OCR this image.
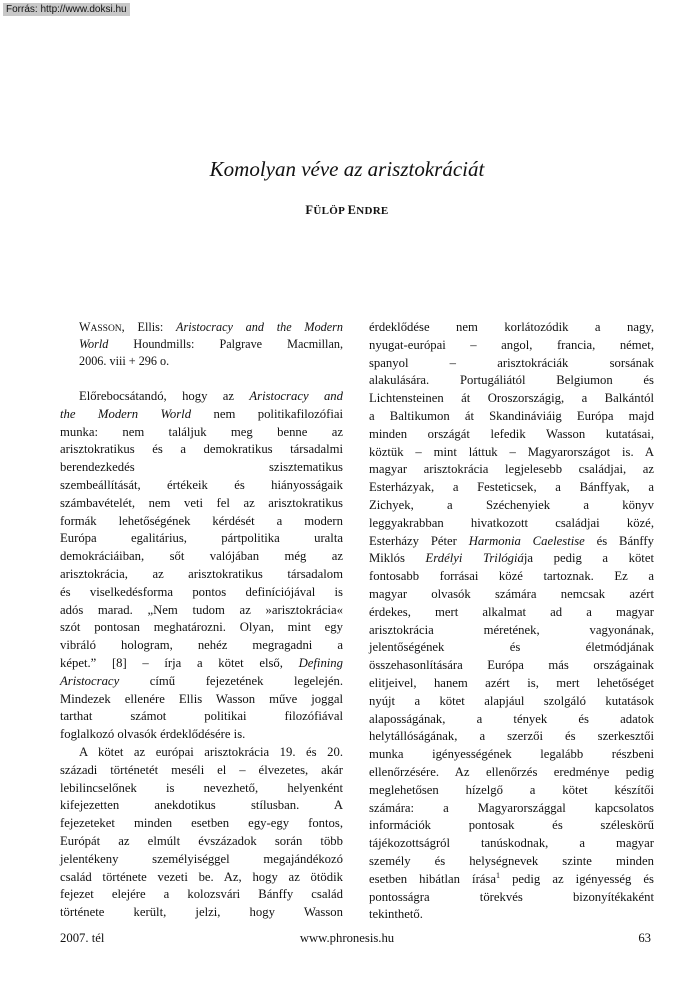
Forrás: http://www.doksi.hu
Komolyan véve az arisztokráciát
FÜLÖP ENDRE
WASSON, Ellis: Aristocracy and the Modern
World Houndmills: Palgrave Macmillan,
2006. viii + 296 o.
Előrebocsátandó, hogy az Aristocracy and
the Modern World nem politikafilozófiai
munka: nem találjuk meg benne az
arisztokratikus és a demokratikus társadalmi
berendezkedés szisztematikus
szembeállítását, értékeik és hiányosságaik
számbavételét, nem veti fel az arisztokratikus
formák lehetőségének kérdését a modern
Európa egalitárius, pártpolitika uralta
demokráciáiban, sőt valójában még az
arisztokrácia, az arisztokratikus társadalom
és viselkedésforma pontos definíciójával is
adós marad. „Nem tudom az »arisztokrácia«
szót pontosan meghatározni. Olyan, mint egy
vibráló hologram, nehéz megragadni a
képet.” [8] – írja a kötet első, Defining
Aristocracy című fejezetének legelején.
Mindezek ellenére Ellis Wasson műve joggal
tarthat számot politikai filozófiával
foglalkozó olvasók érdeklődésére is.
A kötet az európai arisztokrácia 19. és 20.
századi történetét meséli el – élvezetes, akár
lebilincselőnek is nevezhető, helyenként
kifejezetten anekdotikus stílusban. A
fejezeteket minden esetben egy-egy fontos,
Európát az elmúlt évszázadok során több
jelentékeny személyiséggel megajándékozó
család története vezeti be. Az, hogy az ötödik
fejezet elejére a kolozsvári Bánffy család
története került, jelzi, hogy Wasson
érdeklődése nem korlátozódik a nagy,
nyugat-európai – angol, francia, német,
spanyol – arisztokráciák sorsának
alakulására. Portugáliától Belgiumon és
Lichtensteinen át Oroszországig, a Balkántól
a Baltikumon át Skandináviáig Európa majd
minden országát lefedik Wasson kutatásai,
köztük – mint láttuk – Magyarországot is. A
magyar arisztokrácia legjelesebb családjai, az
Esterházyak, a Festeticsek, a Bánffyak, a
Zichyek, a Széchenyiek a könyv
leggyakrabban hivatkozott családjai közé,
Esterházy Péter Harmonia Caelestise és Bánffy
Miklós Erdélyi Trilógiája pedig a kötet
fontosabb forrásai közé tartoznak. Ez a
magyar olvasók számára nemcsak azért
érdekes, mert alkalmat ad a magyar
arisztokrácia méretének, vagyonának,
jelentőségének és életmódjának
összehasonlítására Európa más országainak
elitjeivel, hanem azért is, mert lehetőséget
nyújt a kötet alapjául szolgáló kutatások
alaposságának, a tények és adatok
helytállóságának, a szerzői és szerkesztői
munka igényességének legalább részbeni
ellenőrzésére. Az ellenőrzés eredménye pedig
meglehetősen hízelgő a kötet készítői
számára: a Magyarországgal kapcsolatos
információk pontosak és széleskörű
tájékozottságról tanúskodnak, a magyar
személy és helységnevek szinte minden
esetben hibátlan írása$^1$ pedig az igényesség és
pontosságra törekvés bizonyítékaként
tekinthető.
2007. tél	www.phronesis.hu	63
